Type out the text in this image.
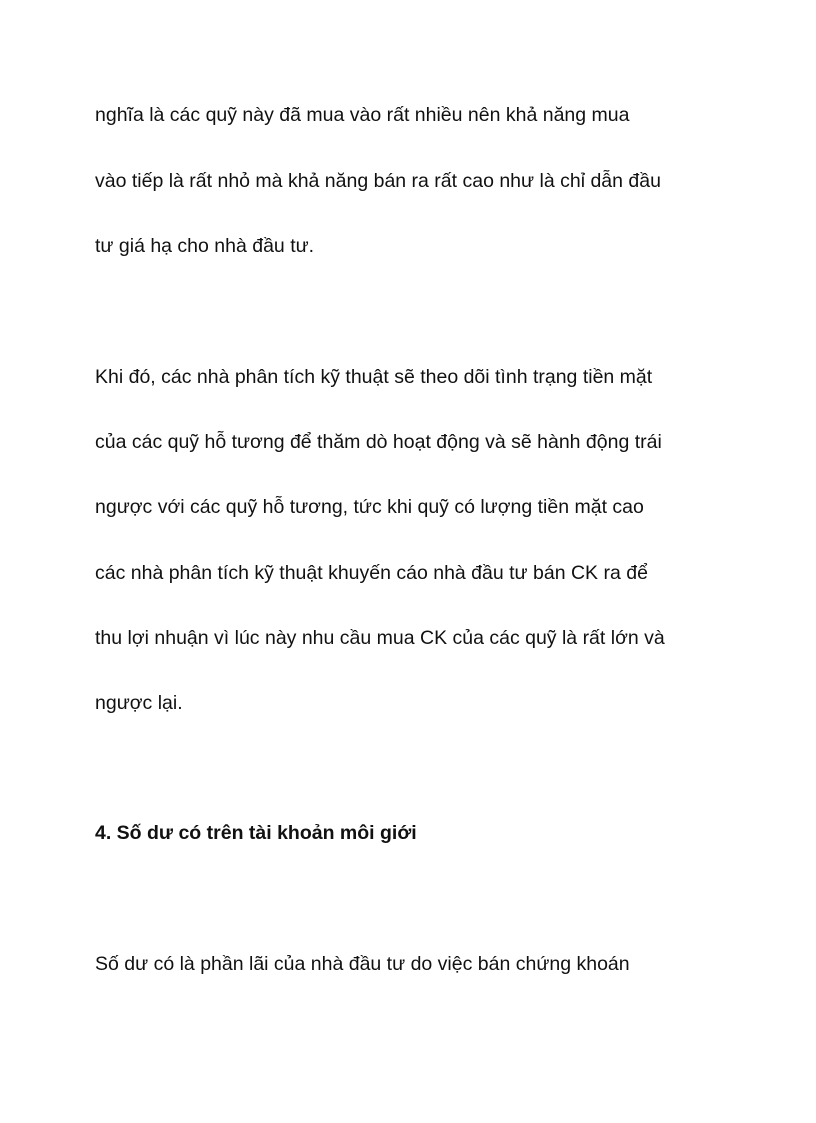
nghĩa là các quỹ này đã mua vào rất nhiều nên khả năng mua

vào tiếp là rất nhỏ mà khả năng bán ra rất cao như là chỉ dẫn đầu

tư giá hạ cho nhà đầu tư.

Khi đó, các nhà phân tích kỹ thuật sẽ theo dõi tình trạng tiền mặt

của các quỹ hỗ tương để thăm dò hoạt động và sẽ hành động trái

ngược với các quỹ hỗ tương, tức khi quỹ có lượng tiền mặt cao

các nhà phân tích kỹ thuật khuyến cáo nhà đầu tư bán CK ra để

thu lợi nhuận vì lúc này nhu cầu mua CK của các quỹ là rất lớn và

ngược lại.

4. Số dư có trên tài khoản môi giới

Số dư có là phần lãi của nhà đầu tư do việc bán chứng khoán
